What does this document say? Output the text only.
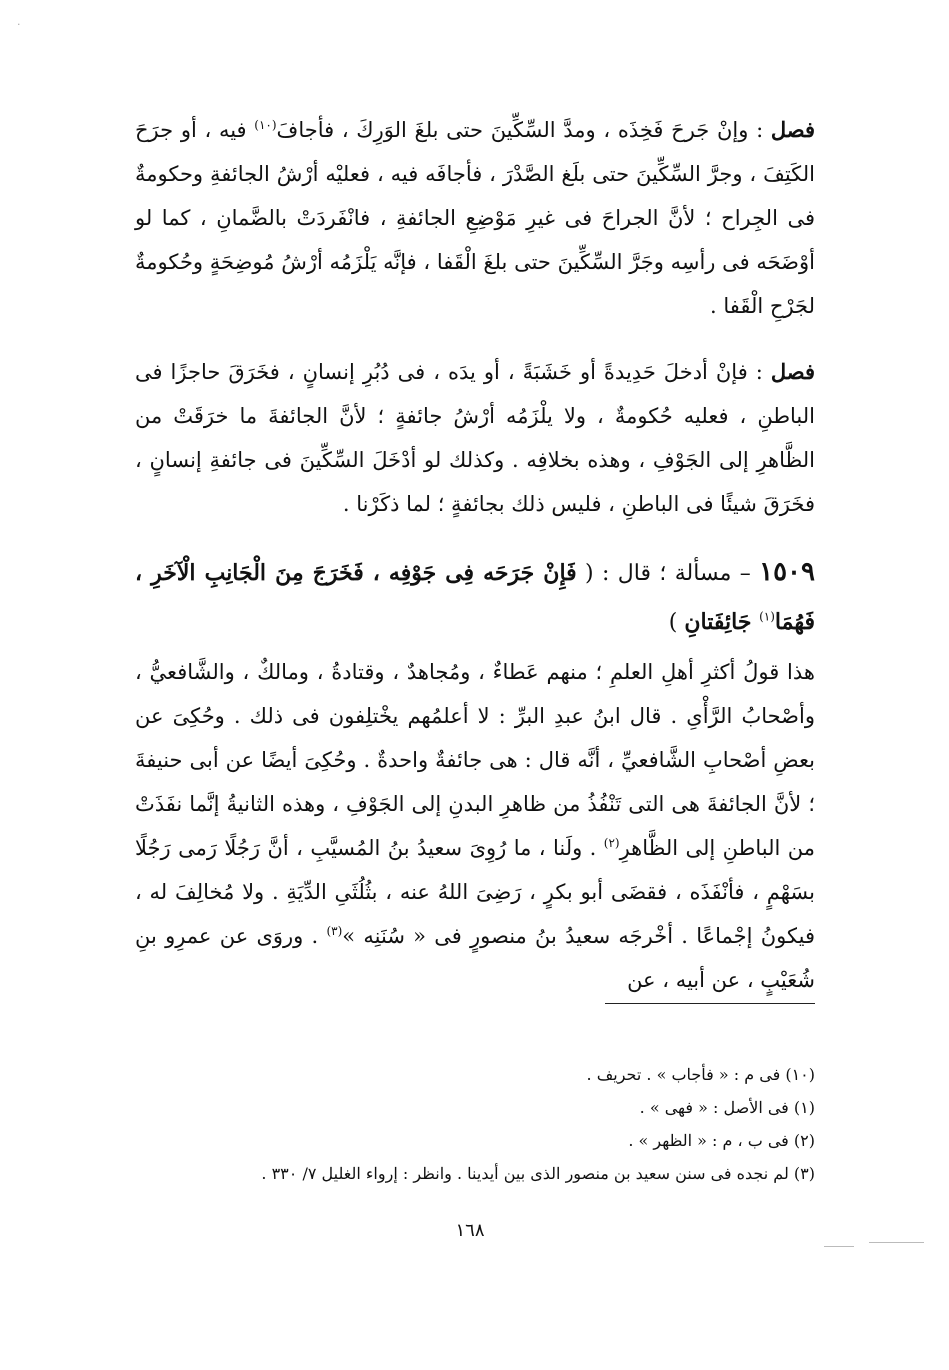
·

فصل : وإنْ جَرحَ فَخِذَه ، ومدَّ السِّكِّينَ حتى بلغَ الوَرِكَ ، فأجافَ$^{(١٠)}$ فيه ، أو جرَحَ الكَتِفَ ، وجرَّ السِّكِّينَ حتى بلَغ الصَّدْرَ ، فأجافَه فيه ، فعليْه أرْشُ الجائفةِ وحكومةٌ فى الجِراح ؛ لأنَّ الجراحَ فى غيرِ مَوْضِعِ الجائفةِ ، فانْفَردَتْ بالضَّمانِ ، كما لو أوْضَحَه فى رأسِه وجَرَّ السِّكِّينَ حتى بلغَ الْقَفا ، فإنَّه يَلْزَمُه أرْشُ مُوضِحَةٍ وحُكومةٌ لجَرْحِ الْقَفا .

فصل : فإنْ أدخلَ حَدِيدةً أو خَشَبَةً ، أو يدَه ، فى دُبُرِ إنسانٍ ، فخَرَقَ حاجزًا فى الباطنِ ، فعليه حُكومةٌ ، ولا يلْزَمُه أرْشُ جائفةٍ ؛ لأنَّ الجائفةَ ما خرَقَتْ من الظَّاهرِ إلى الجَوْفِ ، وهذه بخلافِه . وكذلك لو أدْخَلَ السِّكِّينَ فى جائفةِ إنسانٍ ، فخَرَقَ شيئًا فى الباطنِ ، فليس ذلك بجائفةٍ ؛ لما ذكَرْنا .

١٥٠٩ – مسألة ؛ قال : ( فَإِنْ جَرَحَه فِى جَوْفِه ، فَخَرَجَ مِنَ الْجَانِبِ الْآخَرِ ، فَهُمَا$^{(١)}$ جَائِفَتانِ )

هذا قولُ أكثرِ أهلِ العلمِ ؛ منهم عَطاءٌ ، ومُجاهدٌ ، وقتادةُ ، ومالكٌ ، والشَّافعيُّ ، وأصْحابُ الرَّأْىِ . قال ابنُ عبدِ البرِّ : لا أعلمُهم يخْتلِفون فى ذلك . وحُكِىَ عن بعضِ أصْحابِ الشَّافعيِّ ، أنَّه قال : هى جائفةٌ واحدةٌ . وحُكِىَ أيضًا عن أبى حنيفةَ ؛ لأنَّ الجائفةَ هى التى تَنْفُذُ من ظاهرِ البدنِ إلى الجَوْفِ ، وهذه الثانيةُ إنَّما نفَذَتْ من الباطنِ إلى الظَّاهرِ$^{(٢)}$ . ولَنا ، ما رُوِىَ سعيدُ بنُ المُسيَّبِ ، أنَّ رَجُلًا رَمى رَجُلًا بسَهْمٍ ، فأنْفَذَه ، فقضَى أبو بكرٍ ، رَضِىَ اللهُ عنه ، بثُلُثَىِ الدِّيَةِ . ولا مُخالِفَ له ، فيكونُ إجْماعًا . أخْرجَه سعيدُ بنُ منصورٍ فى « سُنَنِه »$^{(٣)}$ . وروَى عن عمرِو بنِ شُعَيْبٍ ، عن أبيه ، عن

(١٠) فى م : « فأجاب » . تحريف .

(١) فى الأصل : « فهى » .

(٢) فى ب ، م : « الظهر » .

(٣) لم نجده فى سنن سعيد بن منصور الذى بين أيدينا . وانظر : إرواء الغليل ٧/ ٣٣٠ .

١٦٨
